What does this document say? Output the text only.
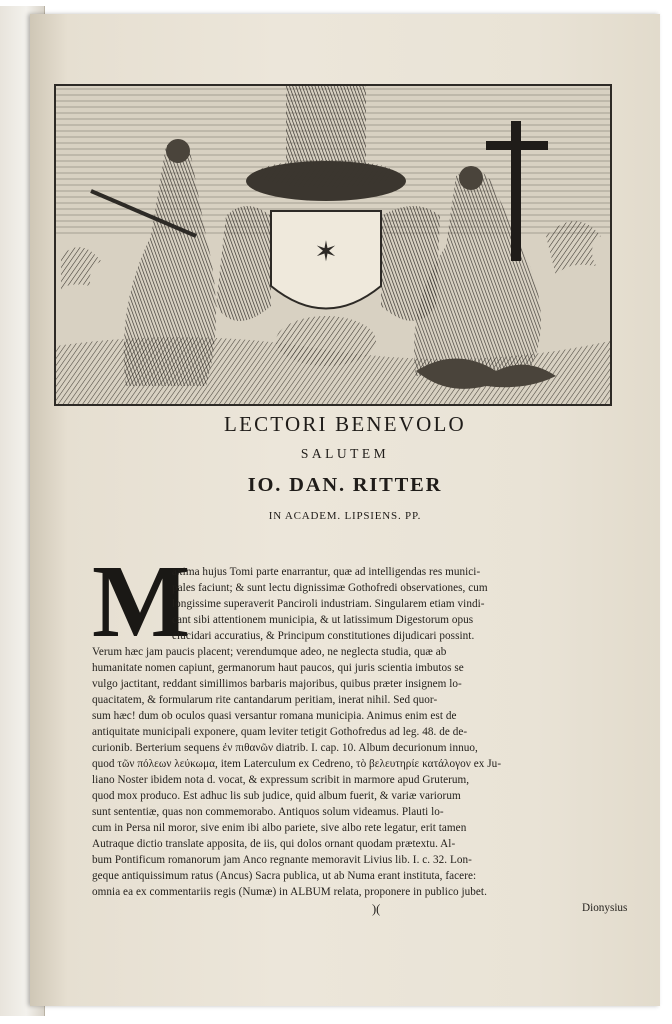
✶
LECTORI BENEVOLO
SALUTEM
IO. DAN. RITTER
IN ACADEM. LIPSIENS. PP.
M
axima hujus Tomi parte enarrantur, quæ ad intelligendas res munici-
pales faciunt; & sunt lectu dignissimæ Gothofredi observationes, cum
longissime superaverit Panciroli industriam. Singularem etiam vindi-
cant sibi attentionem municipia, & ut latissimum Digestorum opus
elucidari accuratius, & Principum constitutiones dijudicari possint.
Verum hæc jam paucis placent; verendumque adeo, ne neglecta studia, quæ ab
humanitate nomen capiunt, germanorum haut paucos, qui juris scientia imbutos se
vulgo jactitant, reddant simillimos barbaris majoribus, quibus præter insignem lo-
quacitatem, & formularum rite cantandarum peritiam, inerat nihil. Sed quor-
sum hæc! dum ob oculos quasi versantur romana municipia. Animus enim est de
antiquitate municipali exponere, quam leviter tetigit Gothofredus ad leg. 48. de de-
curionib. Berterium sequens ἐν πιθανῶν diatrib. I. cap. 10. Album decurionum innuo,
quod τῶν πόλεων λεύκωμα, item Laterculum ex Cedreno, τὸ βελευτηρίε κατάλογον ex Ju-
liano Noster ibidem nota d. vocat, & expressum scribit in marmore apud Gruterum,
quod mox produco. Est adhuc lis sub judice, quid album fuerit, & variæ variorum
sunt sententiæ, quas non commemorabo. Antiquos solum videamus. Plauti lo-
cum in Persa nil moror, sive enim ibi albo pariete, sive albo rete legatur, erit tamen
Autraque dictio translate apposita, de iis, qui dolos ornant quodam prætextu. Al-
bum Pontificum romanorum jam Anco regnante memoravit Livius lib. I. c. 32. Lon-
geque antiquissimum ratus (Ancus) Sacra publica, ut ab Numa erant instituta, facere:
omnia ea ex commentariis regis (Numæ) in ALBUM relata, proponere in publico jubet.
)(	Dionysius
